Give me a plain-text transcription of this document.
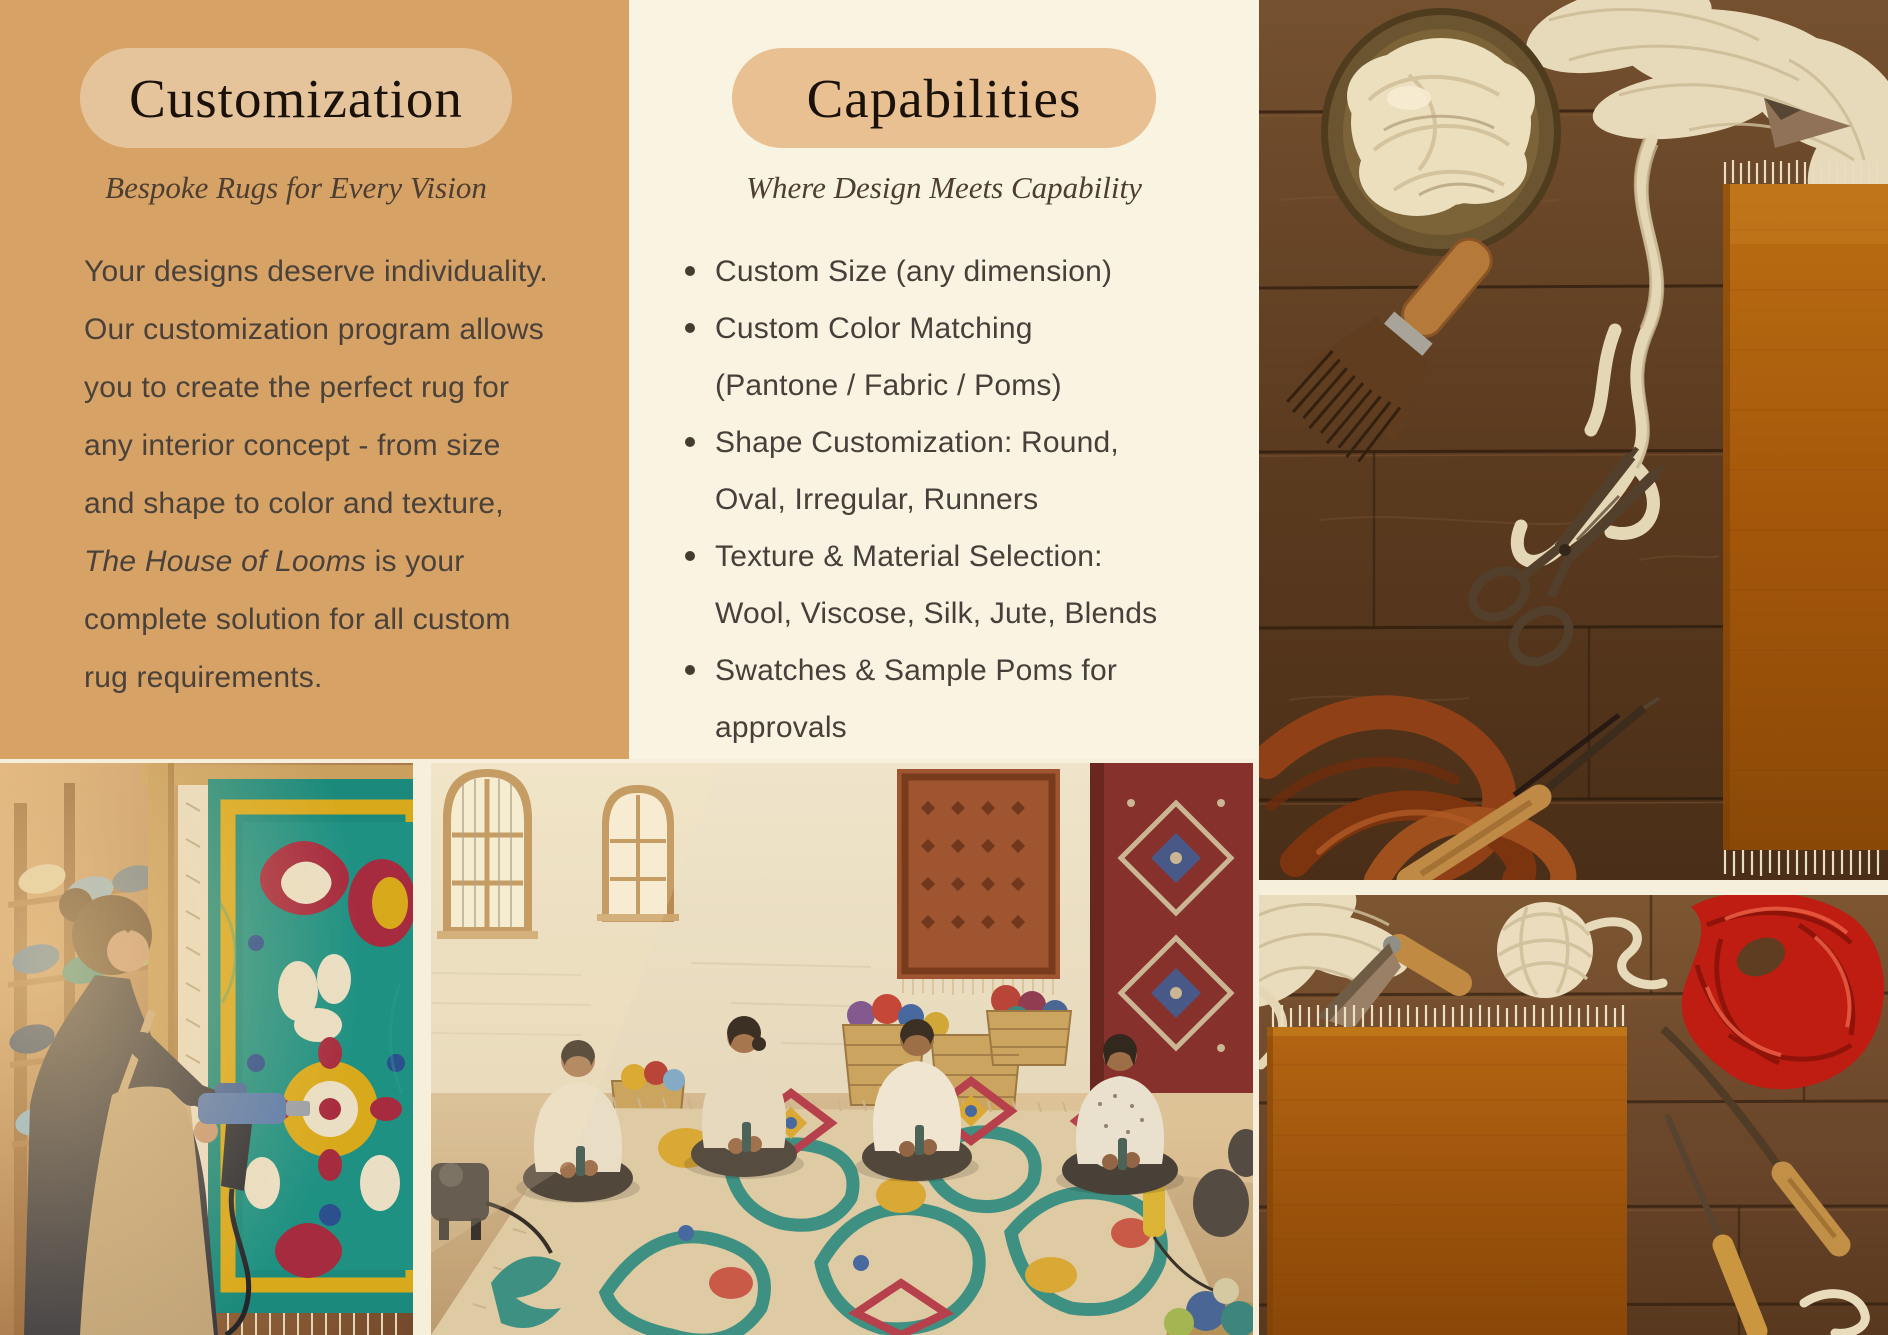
Customization
Bespoke Rugs for Every Vision
Your designs deserve individuality.
Our customization program allows
you to create the perfect rug for
any interior concept - from size
and shape to color and texture,
The House of Looms is your
complete solution for all custom
rug requirements.
Capabilities
Where Design Meets Capability
Custom Size (any dimension)
Custom Color Matching
(Pantone / Fabric / Poms)
Shape Customization: Round,
Oval, Irregular, Runners
Texture & Material Selection:
Wool, Viscose, Silk, Jute, Blends
Swatches & Sample Poms for
approvals
